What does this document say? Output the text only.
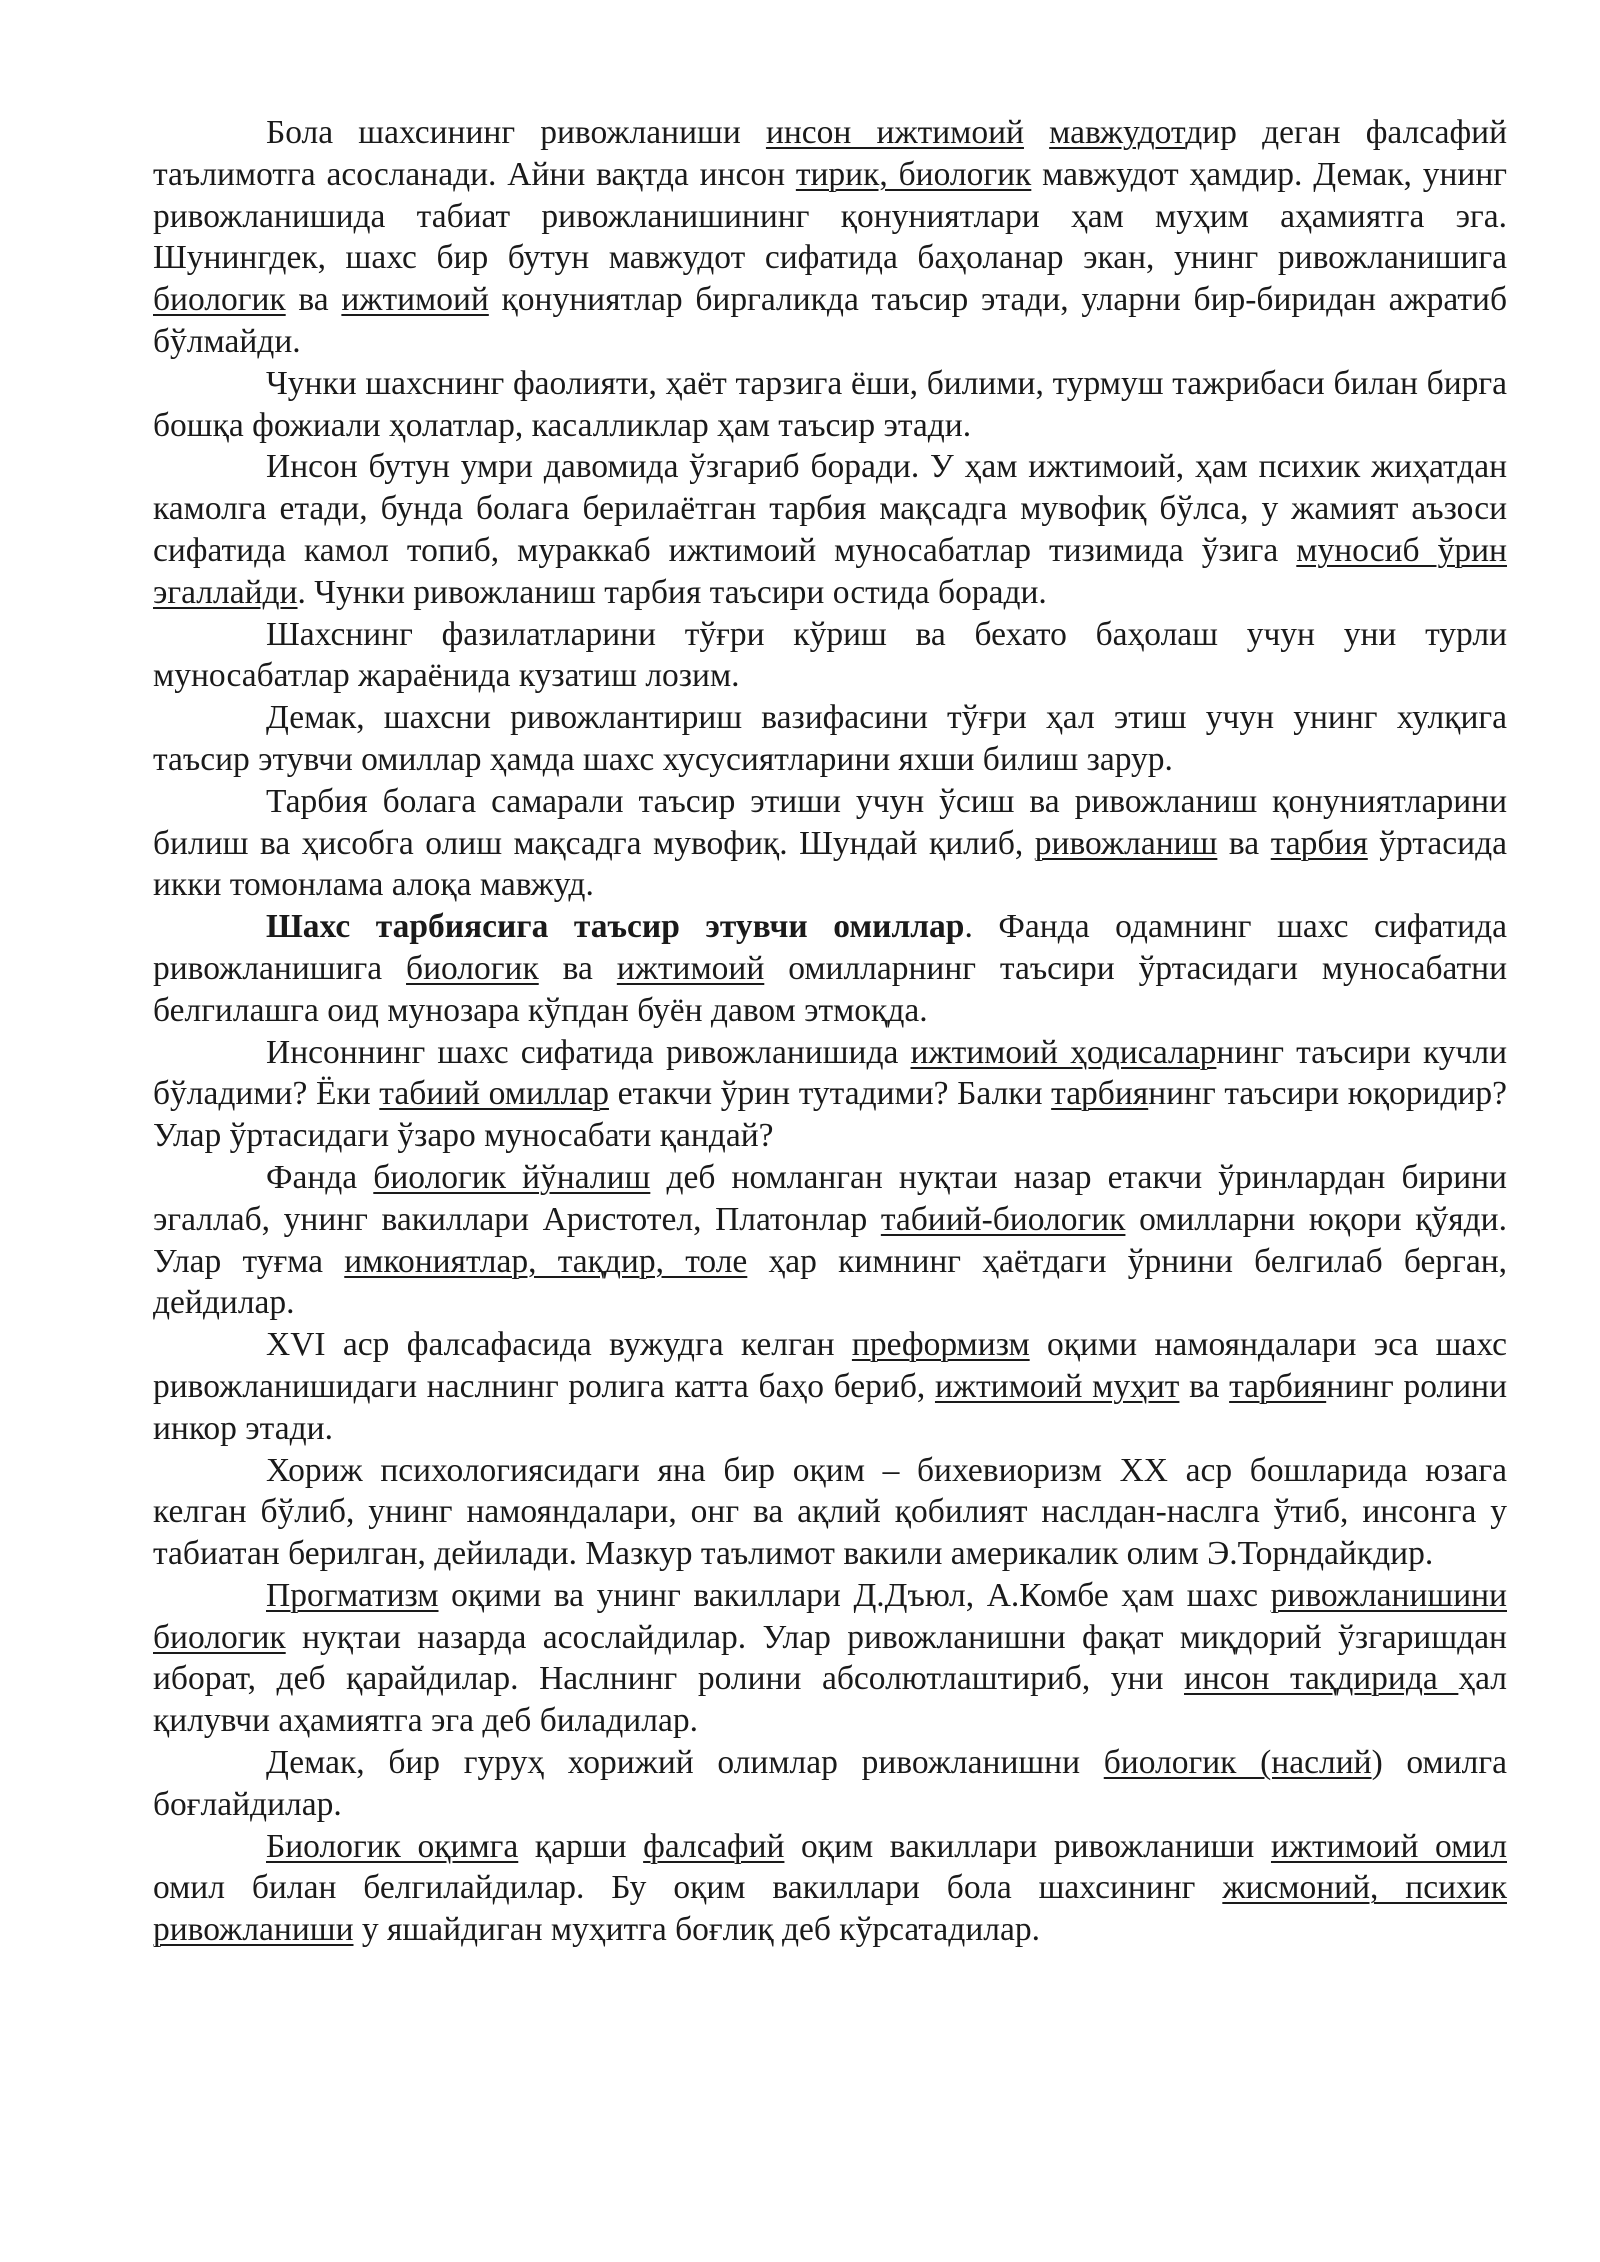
Бола шахсининг ривожланиши инсон ижтимоий мавжудотдир деган фалсафий таълимотга асосланади. Айни вақтда инсон тирик, биологик мавжудот ҳамдир. Демак, унинг ривожланишида табиат ривожланишининг қонуниятлари ҳам муҳим аҳамиятга эга. Шунингдек, шахс бир бутун мавжудот сифатида баҳоланар экан, унинг ривожланишига биологик ва ижтимоий қонуниятлар биргаликда таъсир этади, уларни бир-биридан ажратиб бўлмайди.

Чунки шахснинг фаолияти, ҳаёт тарзига ёши, билими, турмуш тажрибаси билан бирга бошқа фожиали ҳолатлар, касалликлар ҳам таъсир этади.

Инсон бутун умри давомида ўзгариб боради. У ҳам ижтимоий, ҳам психик жиҳатдан камолга етади, бунда болага берилаётган тарбия мақсадга мувофиқ бўлса, у жамият аъзоси сифатида камол топиб, мураккаб ижтимоий муносабатлар тизимида ўзига муносиб ўрин эгаллайди. Чунки ривожланиш тарбия таъсири остида боради.

Шахснинг фазилатларини тўғри кўриш ва бехато баҳолаш учун уни турли муносабатлар жараёнида кузатиш лозим.

Демак, шахсни ривожлантириш вазифасини тўғри ҳал этиш учун унинг хулқига таъсир этувчи омиллар ҳамда шахс хусусиятларини яхши билиш зарур.

Тарбия болага самарали таъсир этиши учун ўсиш ва ривожланиш қонуниятларини билиш ва ҳисобга олиш мақсадга мувофиқ. Шундай қилиб, ривожланиш ва тарбия ўртасида икки томонлама алоқа мавжуд.

Шахс тарбиясига таъсир этувчи омиллар. Фанда одамнинг шахс сифатида ривожланишига биологик ва ижтимоий омилларнинг таъсири ўртасидаги муносабатни белгилашга оид мунозара кўпдан буён давом этмоқда.

Инсоннинг шахс сифатида ривожланишида ижтимоий ҳодисаларнинг таъсири кучли бўладими? Ёки табиий омиллар етакчи ўрин тутадими? Балки тарбиянинг таъсири юқоридир? Улар ўртасидаги ўзаро муносабати қандай?

Фанда биологик йўналиш деб номланган нуқтаи назар етакчи ўринлардан бирини эгаллаб, унинг вакиллари Аристотел, Платонлар табиий-биологик омилларни юқори қўяди. Улар туғма имкониятлар, тақдир, толе ҳар кимнинг ҳаётдаги ўрнини белгилаб берган, дейдилар.

XVI аср фалсафасида вужудга келган преформизм оқими намояндалари эса шахс ривожланишидаги наслнинг ролига катта баҳо бериб, ижтимоий муҳит ва тарбиянинг ролини инкор этади.

Хориж психологиясидаги яна бир оқим – бихевиоризм XX аср бошларида юзага келган бўлиб, унинг намояндалари, онг ва ақлий қобилият наслдан-наслга ўтиб, инсонга у табиатан берилган, дейилади. Мазкур таълимот вакили америкалик олим Э.Торндайкдир.

Прогматизм оқими ва унинг вакиллари Д.Дъюл, А.Комбе ҳам шахс ривожланишини биологик нуқтаи назарда асослайдилар. Улар ривожланишни фақат миқдорий ўзгаришдан иборат, деб қарайдилар. Наслнинг ролини абсолютлаштириб, уни инсон тақдирида ҳал қилувчи аҳамиятга эга деб биладилар.

Демак, бир гуруҳ хорижий олимлар ривожланишни биологик (наслий) омилга боғлайдилар.

Биологик оқимга қарши фалсафий оқим вакиллари ривожланиши ижтимоий омил омил билан белгилайдилар. Бу оқим вакиллари бола шахсининг жисмоний, психик ривожланиши у яшайдиган муҳитга боғлиқ деб кўрсатадилар.
